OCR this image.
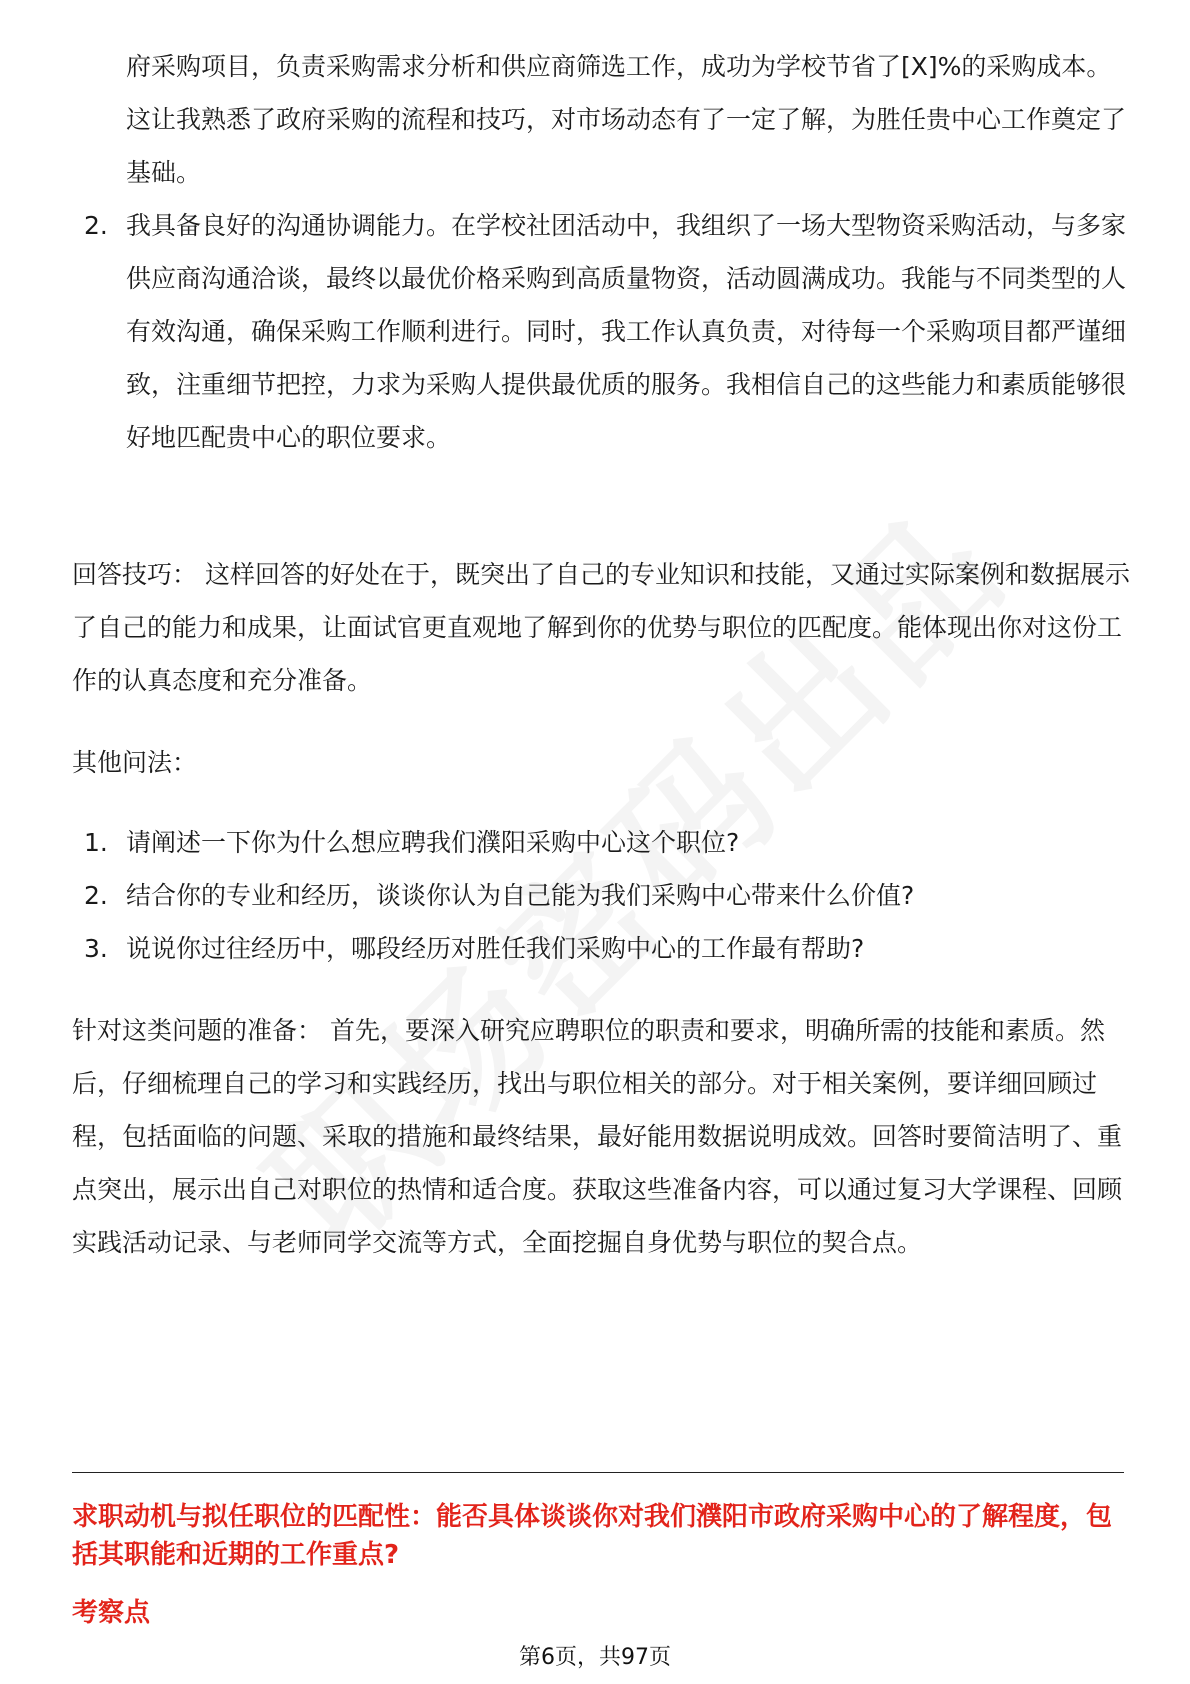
府采购项目，负责采购需求分析和供应商筛选工作，成功为学校节省了[X]%的采购成本。这让我熟悉了政府采购的流程和技巧，对市场动态有了一定了解，为胜任贵中心工作奠定了基础。
2. 我具备良好的沟通协调能力。在学校社团活动中，我组织了一场大型物资采购活动，与多家供应商沟通洽谈，最终以最优价格采购到高质量物资，活动圆满成功。我能与不同类型的人有效沟通，确保采购工作顺利进行。同时，我工作认真负责，对待每一个采购项目都严谨细致，注重细节把控，力求为采购人提供最优质的服务。我相信自己的这些能力和素质能够很好地匹配贵中心的职位要求。

回答技巧： 这样回答的好处在于，既突出了自己的专业知识和技能，又通过实际案例和数据展示了自己的能力和成果，让面试官更直观地了解到你的优势与职位的匹配度。能体现出你对这份工作的认真态度和充分准备。

其他问法：

1. 请阐述一下你为什么想应聘我们濮阳采购中心这个职位?
2. 结合你的专业和经历，谈谈你认为自己能为我们采购中心带来什么价值?
3. 说说你过往经历中，哪段经历对胜任我们采购中心的工作最有帮助?

针对这类问题的准备： 首先，要深入研究应聘职位的职责和要求，明确所需的技能和素质。然后，仔细梳理自己的学习和实践经历，找出与职位相关的部分。对于相关案例，要详细回顾过程，包括面临的问题、采取的措施和最终结果，最好能用数据说明成效。回答时要简洁明了、重点突出，展示出自己对职位的热情和适合度。获取这些准备内容，可以通过复习大学课程、回顾实践活动记录、与老师同学交流等方式，全面挖掘自身优势与职位的契合点。

求职动机与拟任职位的匹配性：能否具体谈谈你对我们濮阳市政府采购中心的了解程度，包括其职能和近期的工作重点?

考察点
第6页，共97页
